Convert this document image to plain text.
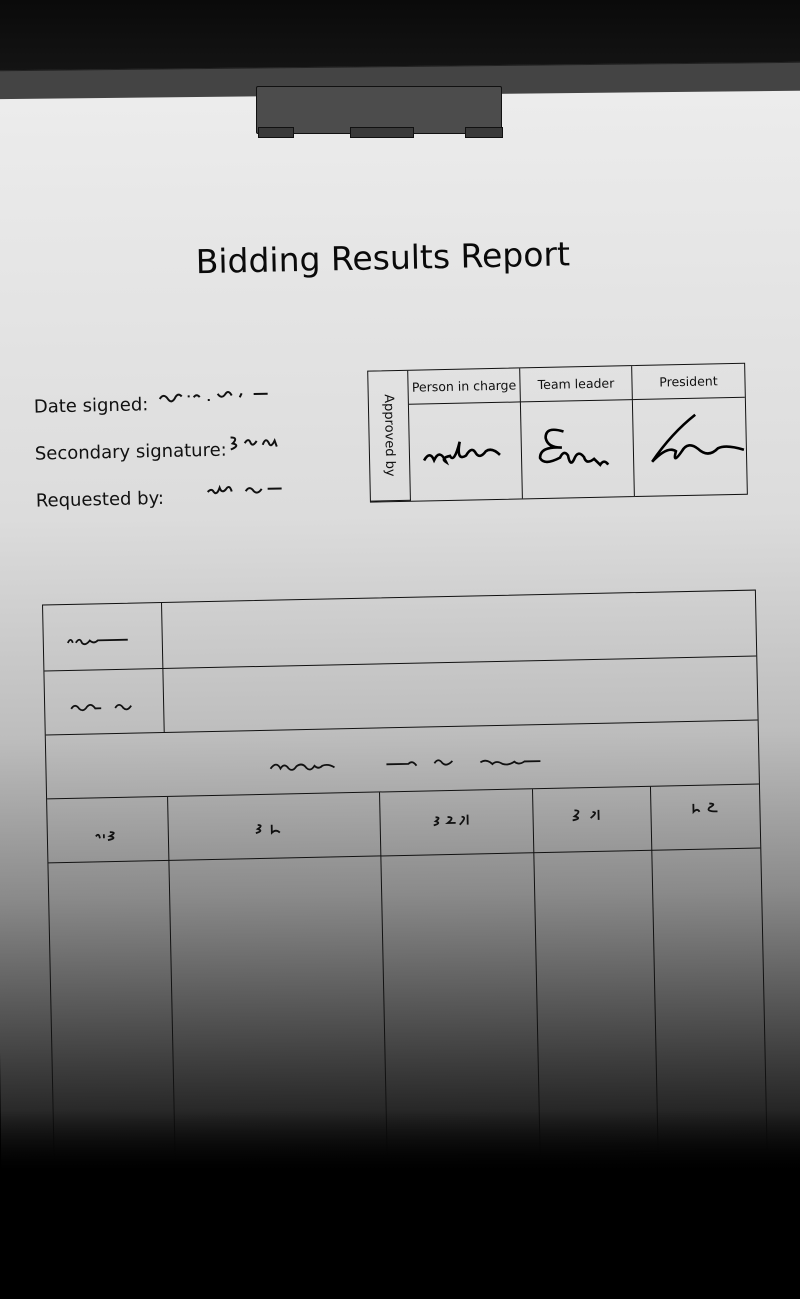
Bidding Results Report
Date signed:
Secondary signature:
Requested by:
Approved by
Person in charge	Team leader	President
